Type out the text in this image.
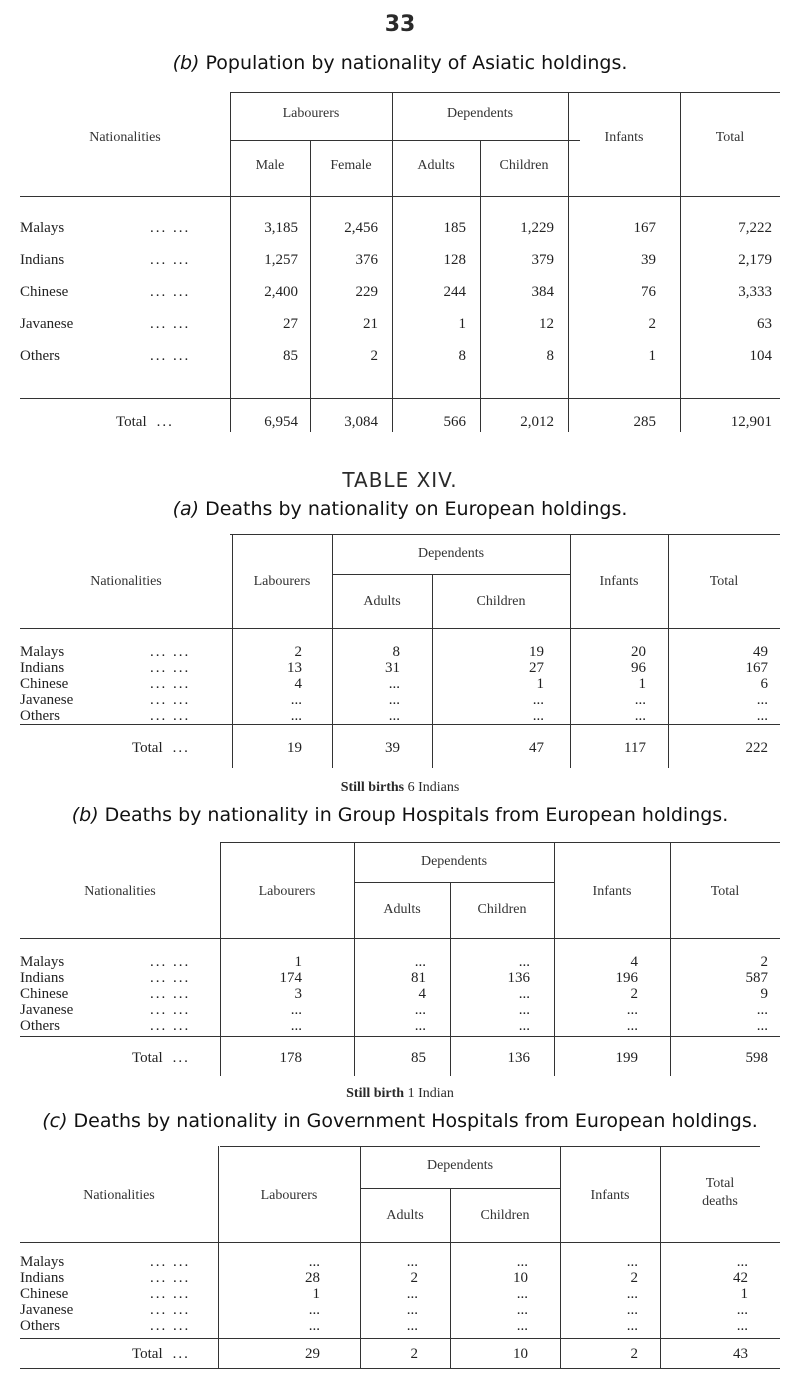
33
(b) Population by nationality of Asiatic holdings.
Nationalities
Labourers
Male	Female
Dependents
Adults	Children
Infants	Total
Malays	... ...	3,185	2,456	185	1,229	167	7,222
Indians	... ...	1,257	376	128	379	39	2,179
Chinese	... ...	2,400	229	244	384	76	3,333
Javanese	... ...	27	21	1	12	2	63
Others	... ...	85	2	8	8	1	104
Total ...	6,954	3,084	566	2,012	285	12,901
TABLE XIV.
(a) Deaths by nationality on European holdings.
Nationalities	Labourers
Dependents
Adults	Children
Infants	Total
Malays	... ...	2	8	19	20	49
Indians	... ...	13	31	27	96	167
Chinese	... ...	4	...	1	1	6
Javanese	... ...	...	...	...	...	...
Others	... ...	...	...	...	...	...
Total ...	19	39	47	117	222
Still births 6 Indians
(b) Deaths by nationality in Group Hospitals from European holdings.
Nationalities	Labourers
Dependents
Adults	Children
Infants	Total
Malays	... ...	1	...	...	4	2
Indians	... ...	174	81	136	196	587
Chinese	... ...	3	4	...	2	9
Javanese	... ...	...	...	...	...	...
Others	... ...	...	...	...	...	...
Total ...	178	85	136	199	598
Still birth 1 Indian
(c) Deaths by nationality in Government Hospitals from European holdings.
Nationalities	Labourers
Dependents
Adults	Children
Infants
Total
deaths
Malays	... ...	...	...	...	...	...
Indians	... ...	28	2	10	2	42
Chinese	... ...	1	...	...	...	1
Javanese	... ...	...	...	...	...	...
Others	... ...	...	...	...	...	...
Total ...	29	2	10	2	43
